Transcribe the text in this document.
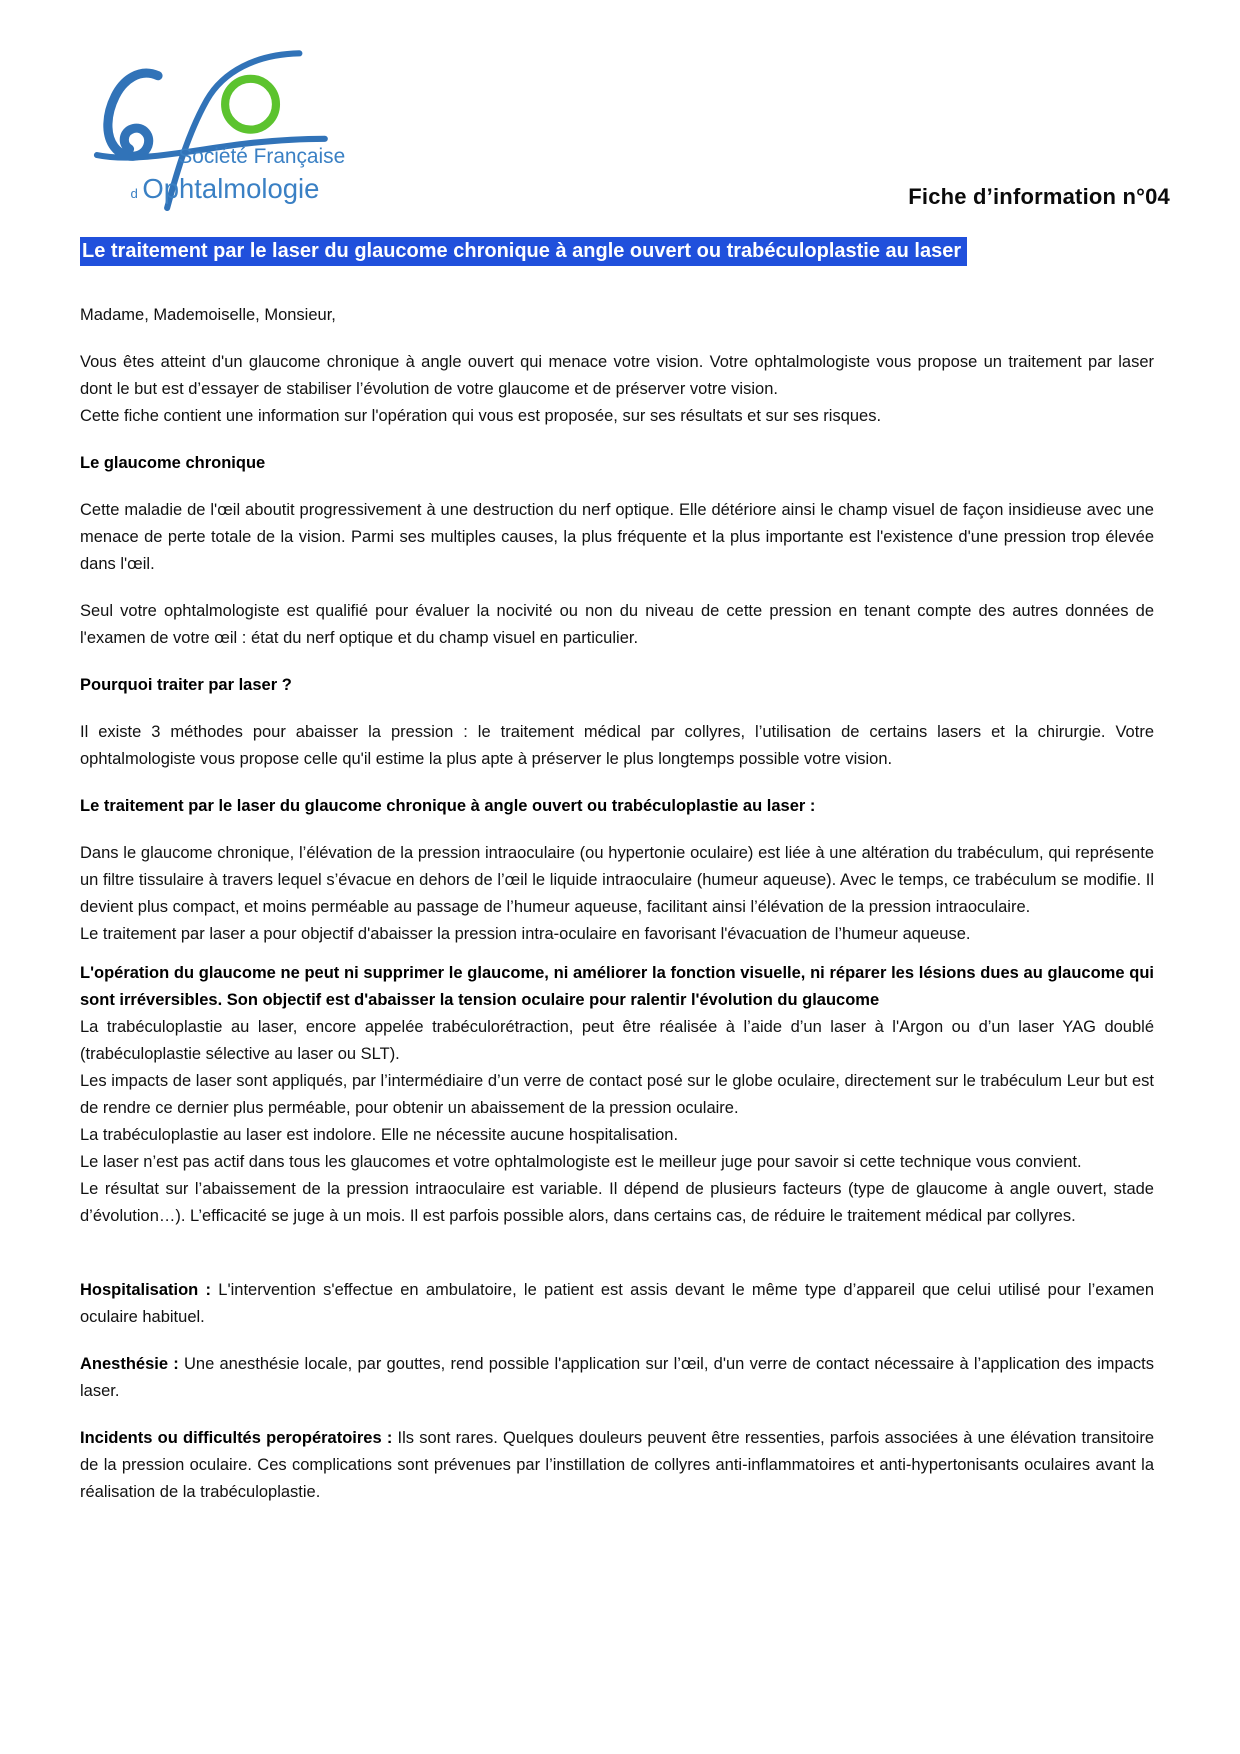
Société Française
d Ophtalmologie	Fiche d’information n°04
Le traitement par le laser du glaucome chronique à angle ouvert ou trabéculoplastie au laser

Madame, Mademoiselle, Monsieur,

Vous êtes atteint d'un glaucome chronique à angle ouvert qui menace votre vision. Votre ophtalmologiste vous propose un traitement par laser dont le but est d’essayer de stabiliser l’évolution de votre glaucome et de préserver votre vision.

Cette fiche contient une information sur l'opération qui vous est proposée, sur ses résultats et sur ses risques.

Le glaucome chronique

Cette maladie de l'œil aboutit progressivement à une destruction du nerf optique. Elle détériore ainsi le champ visuel de façon insidieuse avec une menace de perte totale de la vision. Parmi ses multiples causes, la plus fréquente et la plus importante est l'existence d'une pression trop élevée dans l'œil.

Seul votre ophtalmologiste est qualifié pour évaluer la nocivité ou non du niveau de cette pression en tenant compte des autres données de l'examen de votre œil : état du nerf optique et du champ visuel en particulier.

Pourquoi traiter par laser ?

Il existe 3 méthodes pour abaisser la pression : le traitement médical par collyres, l’utilisation de certains lasers et la chirurgie. Votre ophtalmologiste vous propose celle qu'il estime la plus apte à préserver le plus longtemps possible votre vision.

Le traitement par le laser du glaucome chronique à angle ouvert ou trabéculoplastie au laser :

Dans le glaucome chronique, l’élévation de la pression intraoculaire (ou hypertonie oculaire) est liée à une altération du trabéculum, qui représente un filtre tissulaire à travers lequel s’évacue en dehors de l’œil le liquide intraoculaire (humeur aqueuse). Avec le temps, ce trabéculum se modifie. Il devient plus compact, et moins perméable au passage de l’humeur aqueuse, facilitant ainsi l’élévation de la pression intraoculaire.

Le traitement par laser a pour objectif d'abaisser la pression intra-oculaire en favorisant l'évacuation de l’humeur aqueuse.

L'opération du glaucome ne peut ni supprimer le glaucome, ni améliorer la fonction visuelle, ni réparer les lésions dues au glaucome qui sont irréversibles. Son objectif est d'abaisser la tension oculaire pour ralentir l'évolution du glaucome

La trabéculoplastie au laser, encore appelée trabéculorétraction, peut être réalisée à l’aide d’un laser à l'Argon ou d’un laser YAG doublé (trabéculoplastie sélective au laser ou SLT).

Les impacts de laser sont appliqués, par l’intermédiaire d’un verre de contact posé sur le globe oculaire, directement sur le trabéculum Leur but est de rendre ce dernier plus perméable, pour obtenir un abaissement de la pression oculaire.

La trabéculoplastie au laser est indolore. Elle ne nécessite aucune hospitalisation.

Le laser n’est pas actif dans tous les glaucomes et votre ophtalmologiste est le meilleur juge pour savoir si cette technique vous convient.

Le résultat sur l’abaissement de la pression intraoculaire est variable. Il dépend de plusieurs facteurs (type de glaucome à angle ouvert, stade d’évolution…). L’efficacité se juge à un mois. Il est parfois possible alors, dans certains cas, de réduire le traitement médical par collyres.

Hospitalisation : L'intervention s'effectue en ambulatoire, le patient est assis devant le même type d’appareil que celui utilisé pour l’examen oculaire habituel.

Anesthésie : Une anesthésie locale, par gouttes, rend possible l'application sur l’œil, d'un verre de contact nécessaire à l’application des impacts laser.

Incidents ou difficultés peropératoires : Ils sont rares. Quelques douleurs peuvent être ressenties, parfois associées à une élévation transitoire de la pression oculaire. Ces complications sont prévenues par l’instillation de collyres anti-inflammatoires et anti-hypertonisants oculaires avant la réalisation de la trabéculoplastie.
